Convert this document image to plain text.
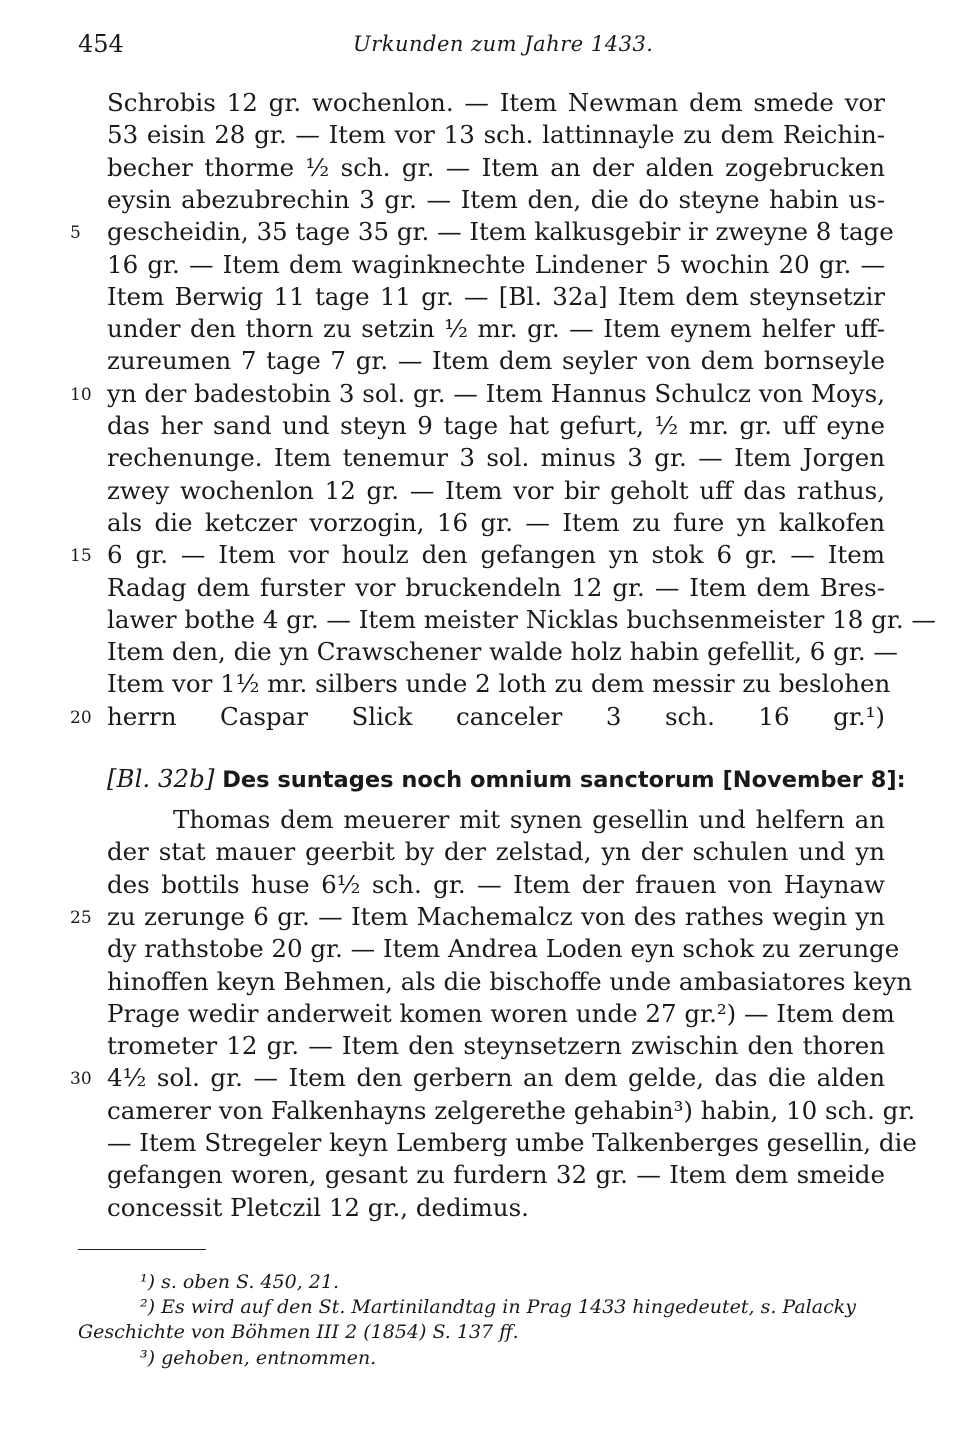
454	Urkunden zum Jahre 1433.
Schrobis 12 gr. wochenlon. — Item Newman dem smede vor
53 eisin 28 gr. — Item vor 13 sch. lattinnayle zu dem Reichin-
becher thorme ½ sch. gr. — Item an der alden zogebrucken
eysin abezubrechin 3 gr. — Item den, die do steyne habin us-
gescheidin, 35 tage 35 gr. — Item kalkusgebir ir zweyne 8 tage
5
16 gr. — Item dem waginknechte Lindener 5 wochin 20 gr. —
Item Berwig 11 tage 11 gr. — [Bl. 32a] Item dem steynsetzir
under den thorn zu setzin ½ mr. gr. — Item eynem helfer uff-
zureumen 7 tage 7 gr. — Item dem seyler von dem bornseyle
yn der badestobin 3 sol. gr. — Item Hannus Schulcz von Moys,
10
das her sand und steyn 9 tage hat gefurt, ½ mr. gr. uff eyne
rechenunge. Item tenemur 3 sol. minus 3 gr. — Item Jorgen
zwey wochenlon 12 gr. — Item vor bir geholt uff das rathus,
als die ketczer vorzogin, 16 gr. — Item zu fure yn kalkofen
6 gr. — Item vor houlz den gefangen yn stok 6 gr. — Item
15
Radag dem furster vor bruckendeln 12 gr. — Item dem Bres-
lawer bothe 4 gr. — Item meister Nicklas buchsenmeister 18 gr. —
Item den, die yn Crawschener walde holz habin gefellit, 6 gr. —
Item vor 1½ mr. silbers unde 2 loth zu dem messir zu beslohen
herrn Caspar Slick canceler 3 sch. 16 gr.¹)
20
[Bl. 32b] Des suntages noch omnium sanctorum [November 8]:
Thomas dem meuerer mit synen gesellin und helfern an
der stat mauer geerbit by der zelstad, yn der schulen und yn
des bottils huse 6½ sch. gr. — Item der frauen von Haynaw
zu zerunge 6 gr. — Item Machemalcz von des rathes wegin yn
25
dy rathstobe 20 gr. — Item Andrea Loden eyn schok zu zerunge
hinoffen keyn Behmen, als die bischoffe unde ambasiatores keyn
Prage wedir anderweit komen woren unde 27 gr.²) — Item dem
trometer 12 gr. — Item den steynsetzern zwischin den thoren
4½ sol. gr. — Item den gerbern an dem gelde, das die alden
30
camerer von Falkenhayns zelgerethe gehabin³) habin, 10 sch. gr.
— Item Stregeler keyn Lemberg umbe Talkenberges gesellin, die
gefangen woren, gesant zu furdern 32 gr. — Item dem smeide
concessit Pletczil 12 gr., dedimus.
¹) s. oben S. 450, 21.
²) Es wird auf den St. Martinilandtag in Prag 1433 hingedeutet, s. Palacky
Geschichte von Böhmen III 2 (1854) S. 137 ff.
³) gehoben, entnommen.
